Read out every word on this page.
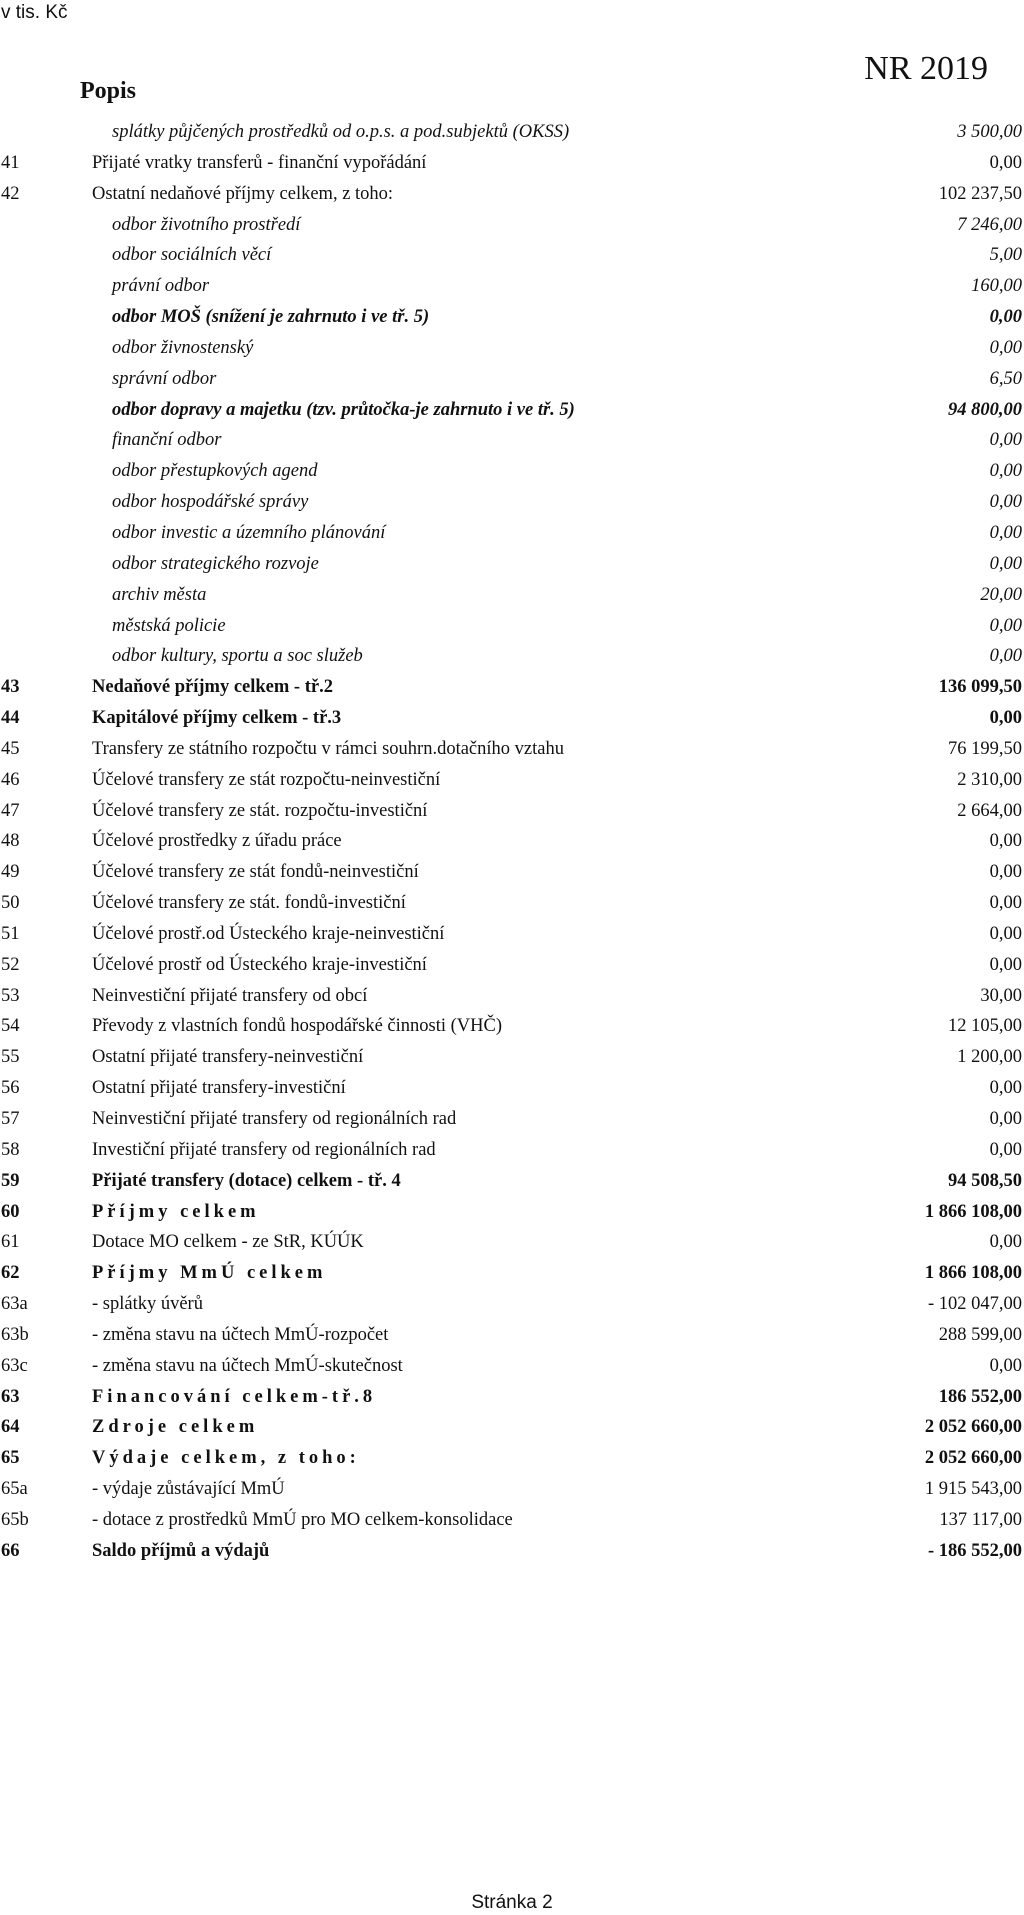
v tis. Kč
Popis
NR 2019
splátky půjčených prostředků od o.p.s. a pod.subjektů (OKSS)	3 500,00
41	Přijaté vratky transferů - finanční vypořádání	0,00
42	Ostatní nedaňové příjmy celkem, z toho:	102 237,50
odbor životního prostředí	7 246,00
odbor sociálních věcí	5,00
právní odbor	160,00
odbor MOŠ (snížení je zahrnuto i ve tř. 5)	0,00
odbor živnostenský	0,00
správní odbor	6,50
odbor dopravy a majetku (tzv. průtočka-je zahrnuto i ve tř. 5)	94 800,00
finanční odbor	0,00
odbor přestupkových agend	0,00
odbor hospodářské správy	0,00
odbor investic a územního plánování	0,00
odbor strategického rozvoje	0,00
archiv města	20,00
městská policie	0,00
odbor kultury, sportu a soc služeb	0,00
43	Nedaňové příjmy celkem - tř.2	136 099,50
44	Kapitálové příjmy celkem - tř.3	0,00
45	Transfery ze státního rozpočtu v rámci souhrn.dotačního vztahu	76 199,50
46	Účelové transfery ze stát rozpočtu-neinvestiční	2 310,00
47	Účelové transfery ze stát. rozpočtu-investiční	2 664,00
48	Účelové prostředky z úřadu práce	0,00
49	Účelové transfery ze stát fondů-neinvestiční	0,00
50	Účelové transfery ze stát. fondů-investiční	0,00
51	Účelové prostř.od Ústeckého kraje-neinvestiční	0,00
52	Účelové prostř od Ústeckého kraje-investiční	0,00
53	Neinvestiční přijaté transfery od obcí	30,00
54	Převody z vlastních fondů hospodářské činnosti (VHČ)	12 105,00
55	Ostatní přijaté transfery-neinvestiční	1 200,00
56	Ostatní přijaté transfery-investiční	0,00
57	Neinvestiční přijaté transfery od regionálních rad	0,00
58	Investiční přijaté transfery od regionálních rad	0,00
59	Přijaté transfery (dotace) celkem - tř. 4	94 508,50
60	Příjmy celkem	1 866 108,00
61	Dotace MO celkem - ze StR, KÚÚK	0,00
62	Příjmy MmÚ celkem	1 866 108,00
63a	- splátky úvěrů	- 102 047,00
63b	- změna stavu na účtech MmÚ-rozpočet	288 599,00
63c	- změna stavu na účtech MmÚ-skutečnost	0,00
63	Financování celkem-tř.8	186 552,00
64	Zdroje celkem	2 052 660,00
65	Výdaje celkem, z toho:	2 052 660,00
65a	- výdaje zůstávající MmÚ	1 915 543,00
65b	- dotace z prostředků MmÚ pro MO celkem-konsolidace	137 117,00
66	Saldo příjmů a výdajů	- 186 552,00
Stránka 2
